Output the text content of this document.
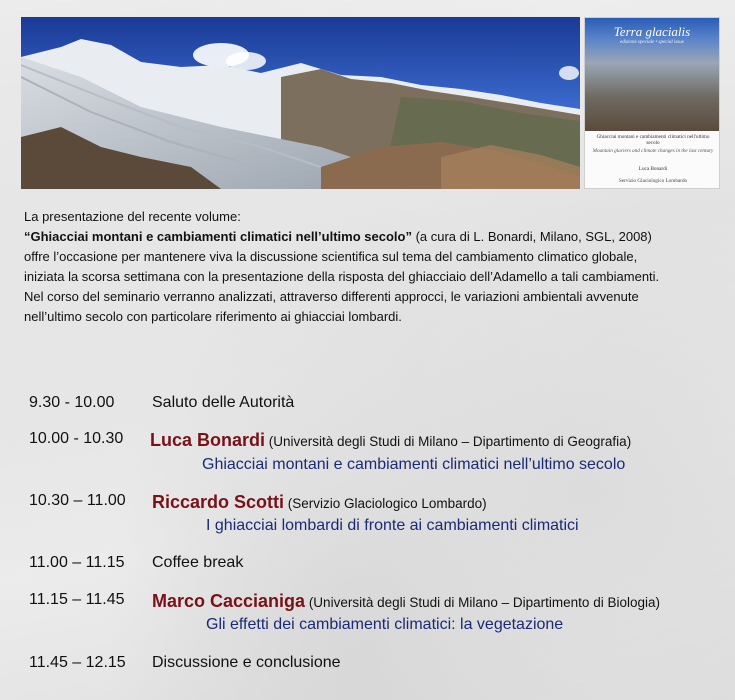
Terra glacialis
edizione speciale • special issue
Ghiacciai montani e cambiamenti climatici nell'ultimo secolo
Mountain glaciers and climate changes in the last century
Luca Bonardi
Servizio Glaciologico Lombardo

La presentazione del recente volume:

“Ghiacciai montani e cambiamenti climatici nell’ultimo secolo” (a cura di L. Bonardi, Milano, SGL, 2008)

offre l’occasione per mantenere viva la discussione scientifica sul tema del cambiamento climatico globale,

iniziata la scorsa settimana con la presentazione della risposta del ghiacciaio dell’Adamello a tali cambiamenti.

Nel corso del seminario verranno analizzati, attraverso differenti approcci, le variazioni ambientali avvenute

nell’ultimo secolo con particolare riferimento ai ghiacciai lombardi.

9.30 - 10.00 Saluto delle Autorità
10.00 - 10.30 Luca Bonardi (Università degli Studi di Milano – Dipartimento di Geografia)
Ghiacciai montani e cambiamenti climatici nell’ultimo secolo
10.30 – 11.00 Riccardo Scotti (Servizio Glaciologico Lombardo)
I ghiacciai lombardi di fronte ai cambiamenti climatici
11.00 – 11.15 Coffee break
11.15 – 11.45 Marco Caccianiga (Università degli Studi di Milano – Dipartimento di Biologia)
Gli effetti dei cambiamenti climatici: la vegetazione
11.45 – 12.15 Discussione e conclusione
